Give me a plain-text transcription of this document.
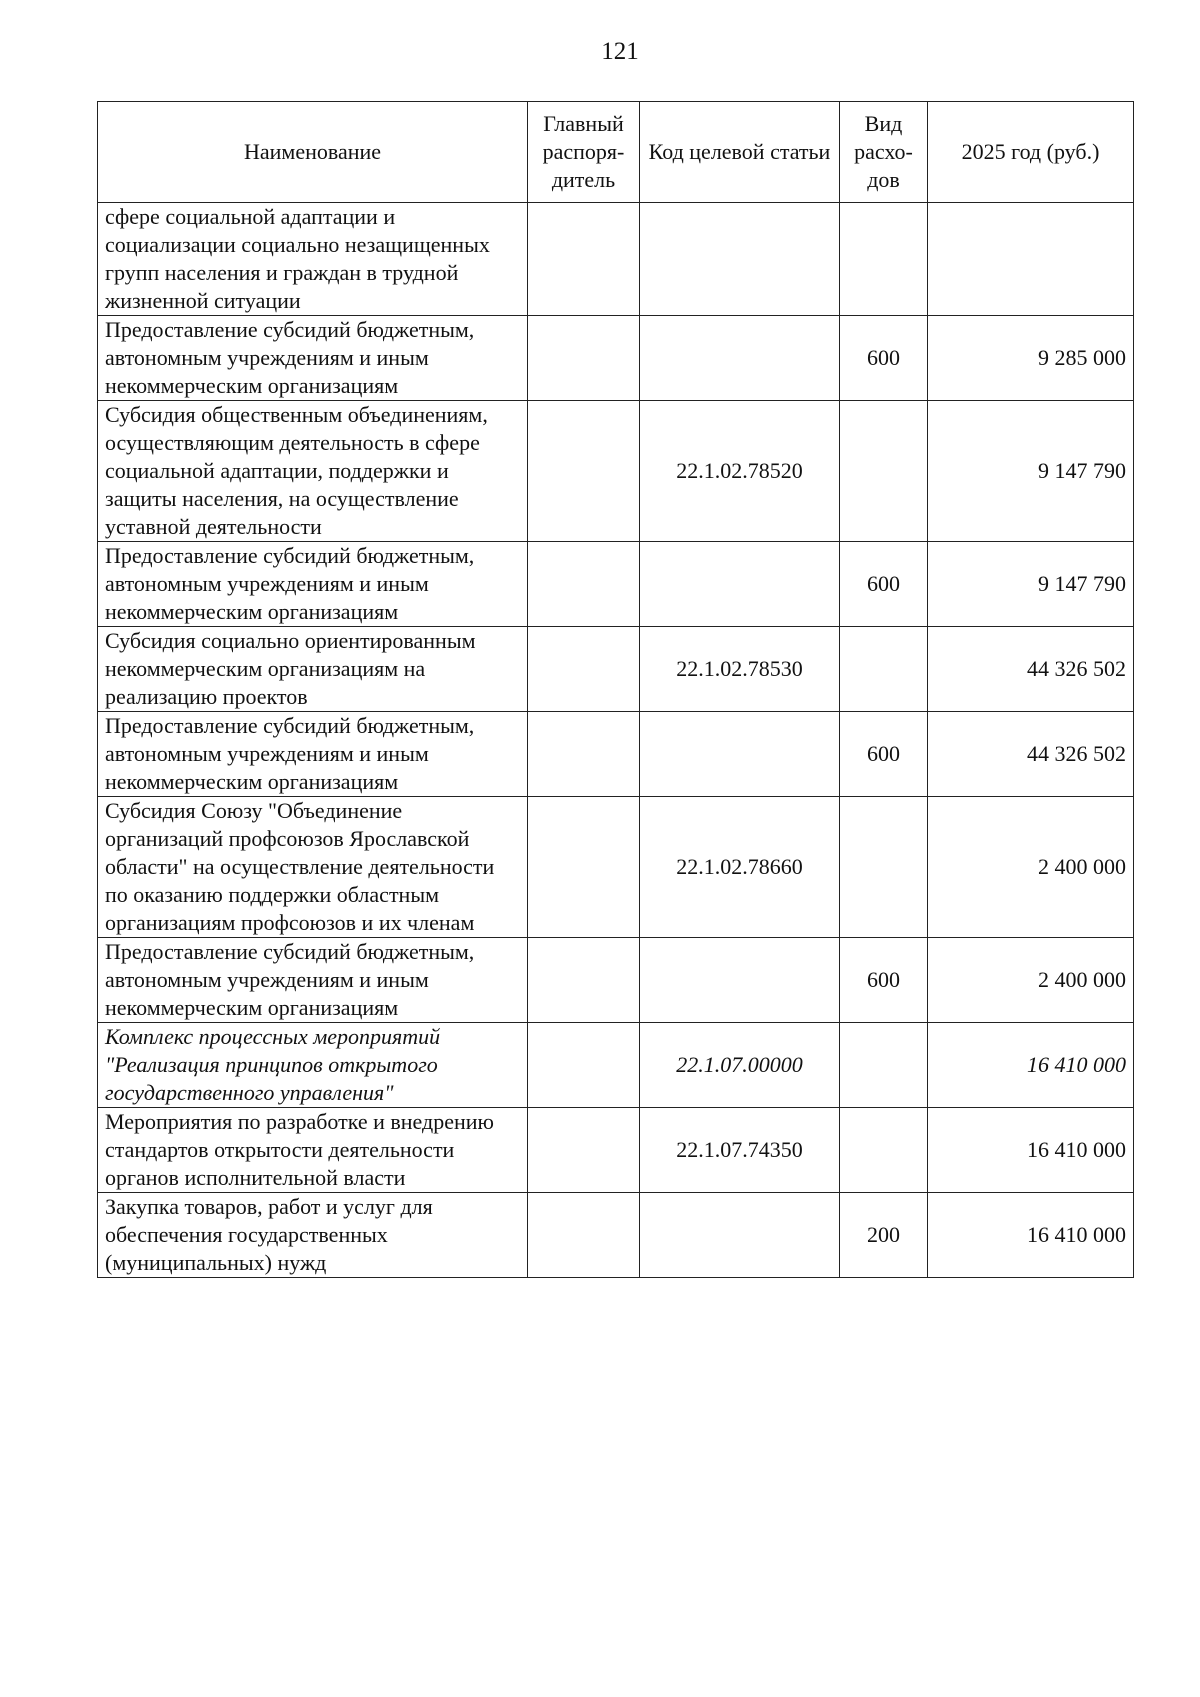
121
Наименование	Главный распоря-дитель	Код целевой статьи	Вид расхо-дов	2025 год (руб.)
сфере социальной адаптации и социализации социально незащищенных групп населения и граждан в трудной жизненной ситуации				
Предоставление субсидий бюджетным, автономным учреждениям и иным некоммерческим организациям			600	9 285 000
Субсидия общественным объединениям, осуществляющим деятельность в сфере социальной адаптации, поддержки и защиты населения, на осуществление уставной деятельности		22.1.02.78520		9 147 790
Предоставление субсидий бюджетным, автономным учреждениям и иным некоммерческим организациям			600	9 147 790
Субсидия социально ориентированным некоммерческим организациям на реализацию проектов		22.1.02.78530		44 326 502
Предоставление субсидий бюджетным, автономным учреждениям и иным некоммерческим организациям			600	44 326 502
Субсидия Союзу "Объединение организаций профсоюзов Ярославской области" на осуществление деятельности по оказанию поддержки областным организациям профсоюзов и их членам		22.1.02.78660		2 400 000
Предоставление субсидий бюджетным, автономным учреждениям и иным некоммерческим организациям			600	2 400 000
Комплекс процессных мероприятий "Реализация принципов открытого государственного управления"		22.1.07.00000		16 410 000
Мероприятия по разработке и внедрению стандартов открытости деятельности органов исполнительной власти		22.1.07.74350		16 410 000
Закупка товаров, работ и услуг для обеспечения государственных (муниципальных) нужд			200	16 410 000
